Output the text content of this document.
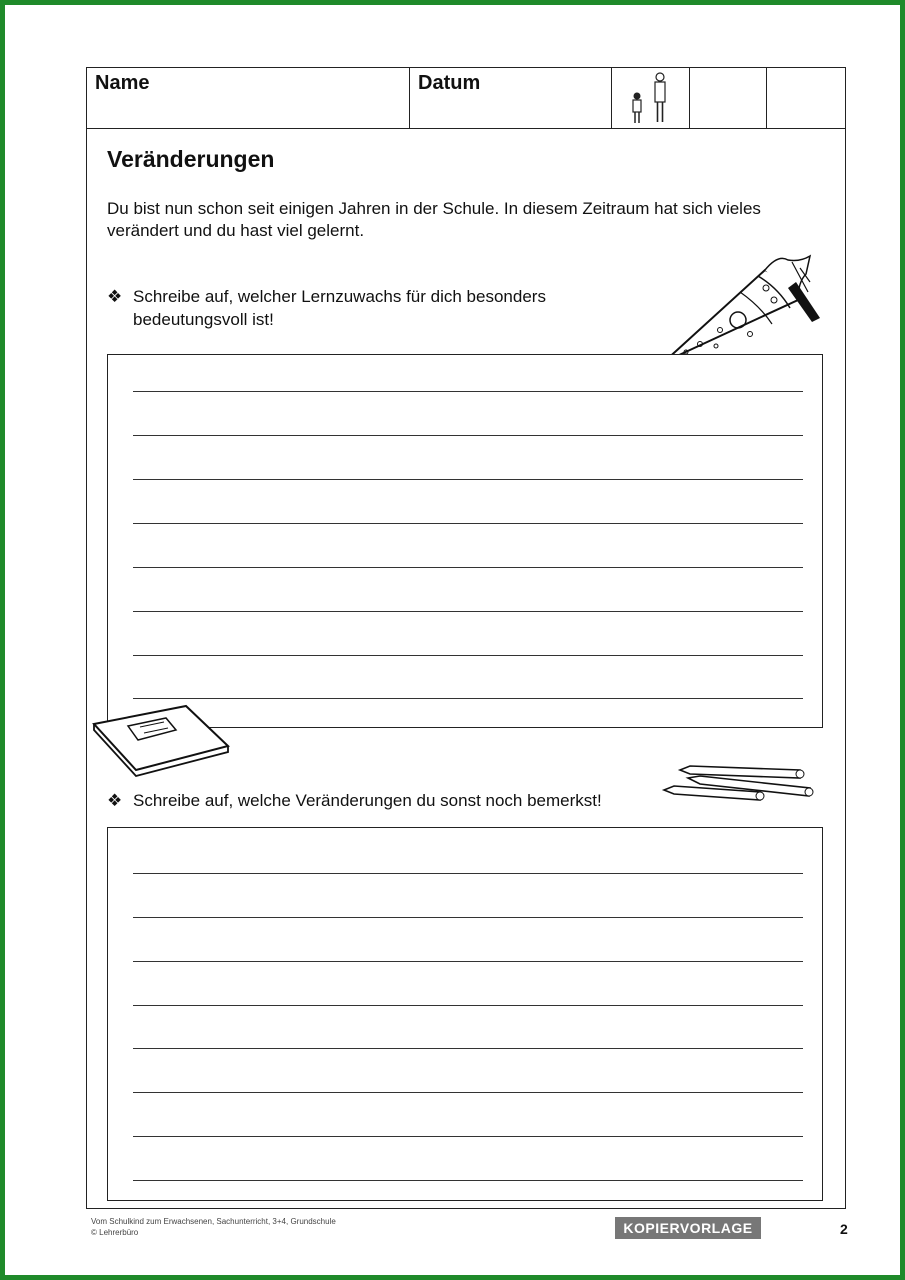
Name	Datum
Veränderungen
Du bist nun schon seit einigen Jahren in der Schule. In diesem Zeitraum hat sich vieles verändert und du hast viel gelernt.
❖ Schreibe auf, welcher Lernzuwachs für dich besonders
bedeutungsvoll ist!
❖ Schreibe auf, welche Veränderungen du sonst noch bemerkst!
Vom Schulkind zum Erwachsenen, Sachunterricht, 3+4, Grundschule
© Lehrerbüro	KOPIERVORLAGE	2
